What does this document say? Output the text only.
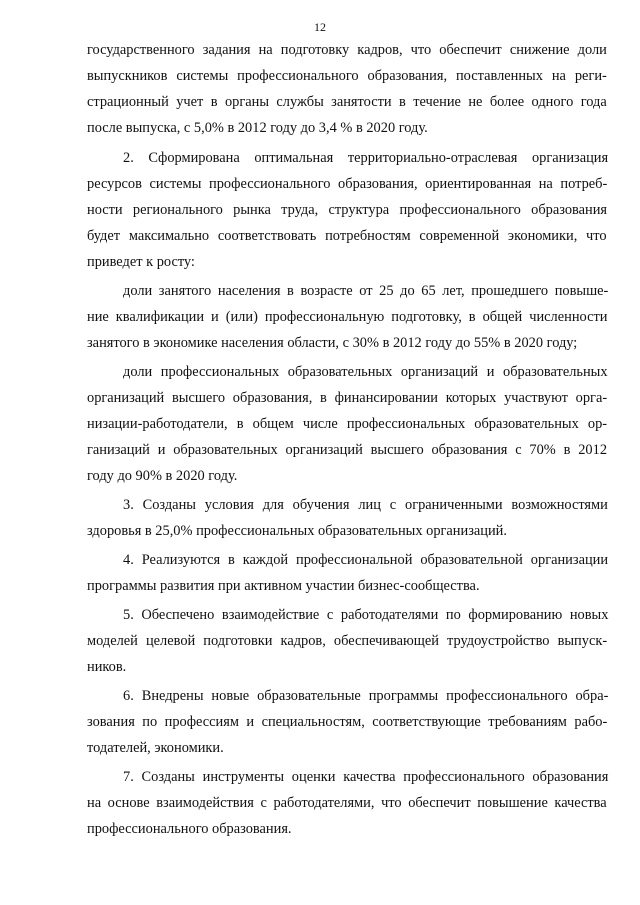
12
государственного задания на подготовку кадров, что обеспечит снижение доли
выпускников системы профессионального образования, поставленных на реги-
страционный учет в органы службы занятости в течение не более одного года
после выпуска, с 5,0% в 2012 году до 3,4 % в 2020 году.
2. Сформирована оптимальная территориально-отраслевая организация
ресурсов системы профессионального образования, ориентированная на потреб-
ности регионального рынка труда, структура профессионального образования
будет максимально соответствовать потребностям современной экономики, что
приведет к росту:
доли занятого населения в возрасте от 25 до 65 лет, прошедшего повыше-
ние квалификации и (или) профессиональную подготовку, в общей численности
занятого в экономике населения области, с 30% в 2012 году до 55% в 2020 году;
доли профессиональных образовательных организаций и образовательных
организаций высшего образования, в финансировании которых участвуют орга-
низации-работодатели, в общем числе профессиональных образовательных ор-
ганизаций и образовательных организаций высшего образования с 70% в 2012
году до 90% в 2020 году.
3. Созданы условия для обучения лиц с ограниченными возможностями
здоровья в 25,0% профессиональных образовательных организаций.
4. Реализуются в каждой профессиональной образовательной организации
программы развития при активном участии бизнес-сообщества.
5. Обеспечено взаимодействие с работодателями по формированию новых
моделей целевой подготовки кадров, обеспечивающей трудоустройство выпуск-
ников.
6. Внедрены новые образовательные программы профессионального обра-
зования по профессиям и специальностям, соответствующие требованиям рабо-
тодателей, экономики.
7. Созданы инструменты оценки качества профессионального образования
на основе взаимодействия с работодателями, что обеспечит повышение качества
профессионального образования.
